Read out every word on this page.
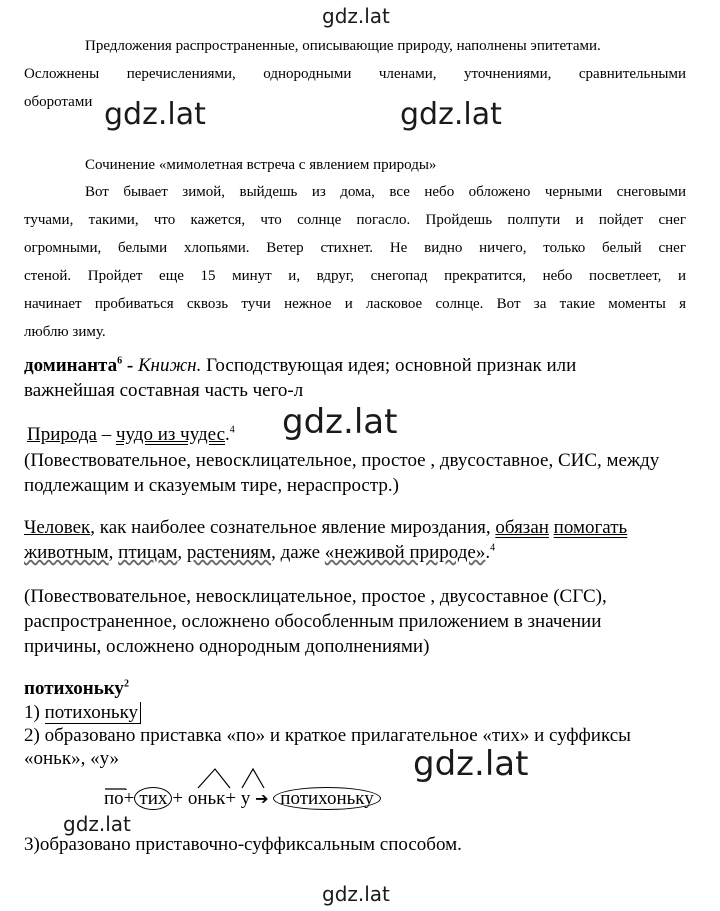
gdz.lat
gdz.lat	gdz.lat
gdz.lat
gdz.lat
gdz.lat
gdz.lat
Предложения распространенные, описывающие природу, наполнены эпитетами.
Осложнены перечислениями, однородными членами, уточнениями, сравнительными
оборотами
Сочинение «мимолетная встреча с явлением природы»
Вот бывает зимой, выйдешь из дома, все небо обложено черными снеговыми
тучами, такими, что кажется, что солнце погасло. Пройдешь полпути и пойдет снег
огромными, белыми хлопьями. Ветер стихнет. Не видно ничего, только белый снег
стеной. Пройдет еще 15 минут и, вдруг, снегопад прекратится, небо посветлеет, и
начинает пробиваться сквозь тучи нежное и ласковое солнце. Вот за такие моменты я
люблю зиму.
доминанта$^6$ - Книжн. Господствующая идея; основной признак или
важнейшая составная часть чего-л
Природа – чудо из чудес.$^4$
(Повествовательное, невосклицательное, простое , двусоставное, СИС, между
подлежащим и сказуемым тире, нераспростр.)
Человек, как наиболее сознательное явление мироздания, обязан помогать
животным, птицам, растениям, даже «неживой природе».$^4$
(Повествовательное, невосклицательное, простое , двусоставное (СГС),
распространенное, осложнено обособленным приложением в значении
причины, осложнено однородным дополнениями)
потихоньку$^2$
1) потихоньку
2) образовано приставка «по» и краткое прилагательное «тих» и суффиксы
«оньк», «у»
по+ тих + оньк+ у ➔ потихоньку
3)образовано приставочно-суффиксальным способом.
